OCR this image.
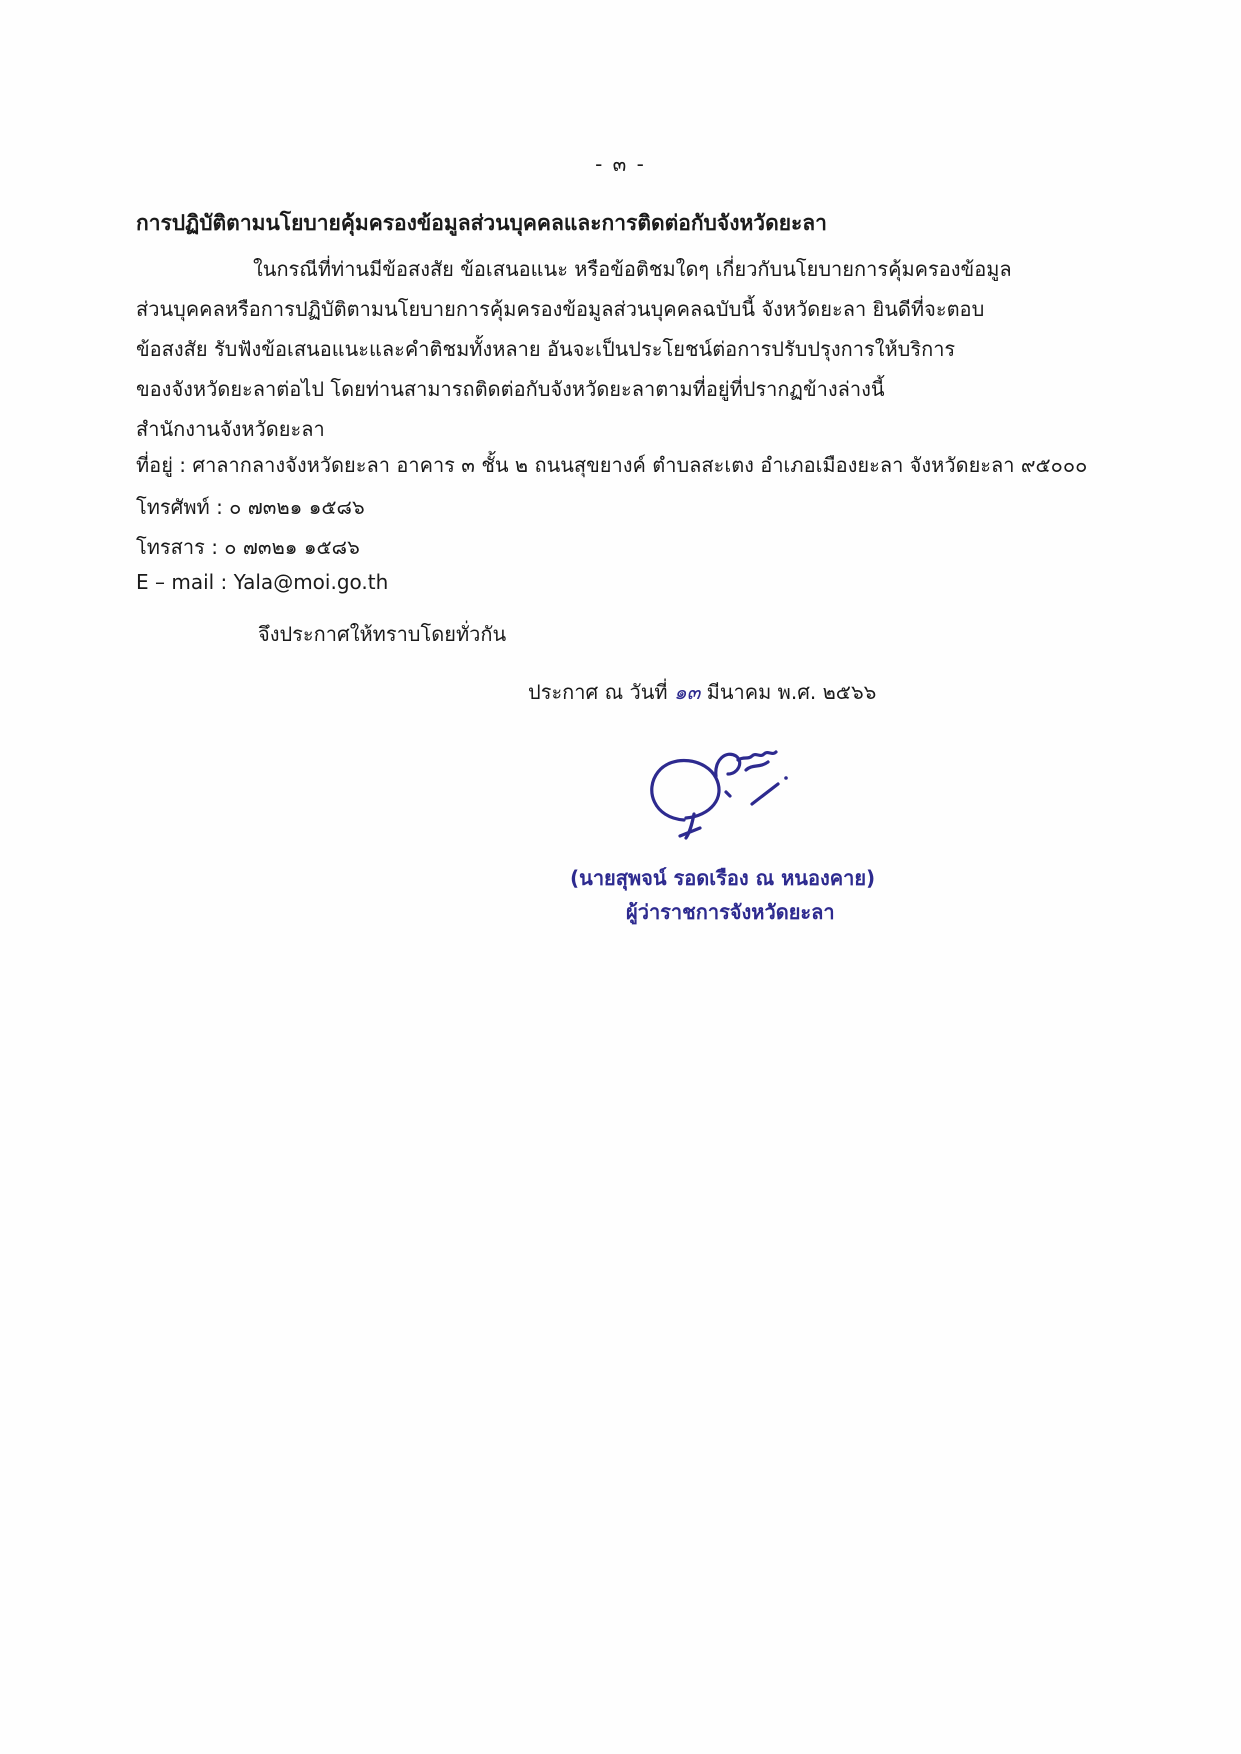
- ๓ -
การปฏิบัติตามนโยบายคุ้มครองข้อมูลส่วนบุคคลและการติดต่อกับจังหวัดยะลา
ในกรณีที่ท่านมีข้อสงสัย ข้อเสนอแนะ หรือข้อติชมใดๆ เกี่ยวกับนโยบายการคุ้มครองข้อมูล
ส่วนบุคคลหรือการปฏิบัติตามนโยบายการคุ้มครองข้อมูลส่วนบุคคลฉบับนี้ จังหวัดยะลา ยินดีที่จะตอบ
ข้อสงสัย รับฟังข้อเสนอแนะและคำติชมทั้งหลาย อันจะเป็นประโยชน์ต่อการปรับปรุงการให้บริการ
ของจังหวัดยะลาต่อไป โดยท่านสามารถติดต่อกับจังหวัดยะลาตามที่อยู่ที่ปรากฏข้างล่างนี้
สำนักงานจังหวัดยะลา
ที่อยู่ : ศาลากลางจังหวัดยะลา อาคาร ๓ ชั้น ๒ ถนนสุขยางค์ ตำบลสะเตง อำเภอเมืองยะลา จังหวัดยะลา ๙๕๐๐๐
โทรศัพท์ : ๐ ๗๓๒๑ ๑๕๘๖
โทรสาร : ๐ ๗๓๒๑ ๑๕๘๖
E – mail : Yala@moi.go.th
จึงประกาศให้ทราบโดยทั่วกัน
ประกาศ ณ วันที่ ๑๓ มีนาคม พ.ศ. ๒๕๖๖
(นายสุพจน์ รอดเรือง ณ หนองคาย)
ผู้ว่าราชการจังหวัดยะลา
